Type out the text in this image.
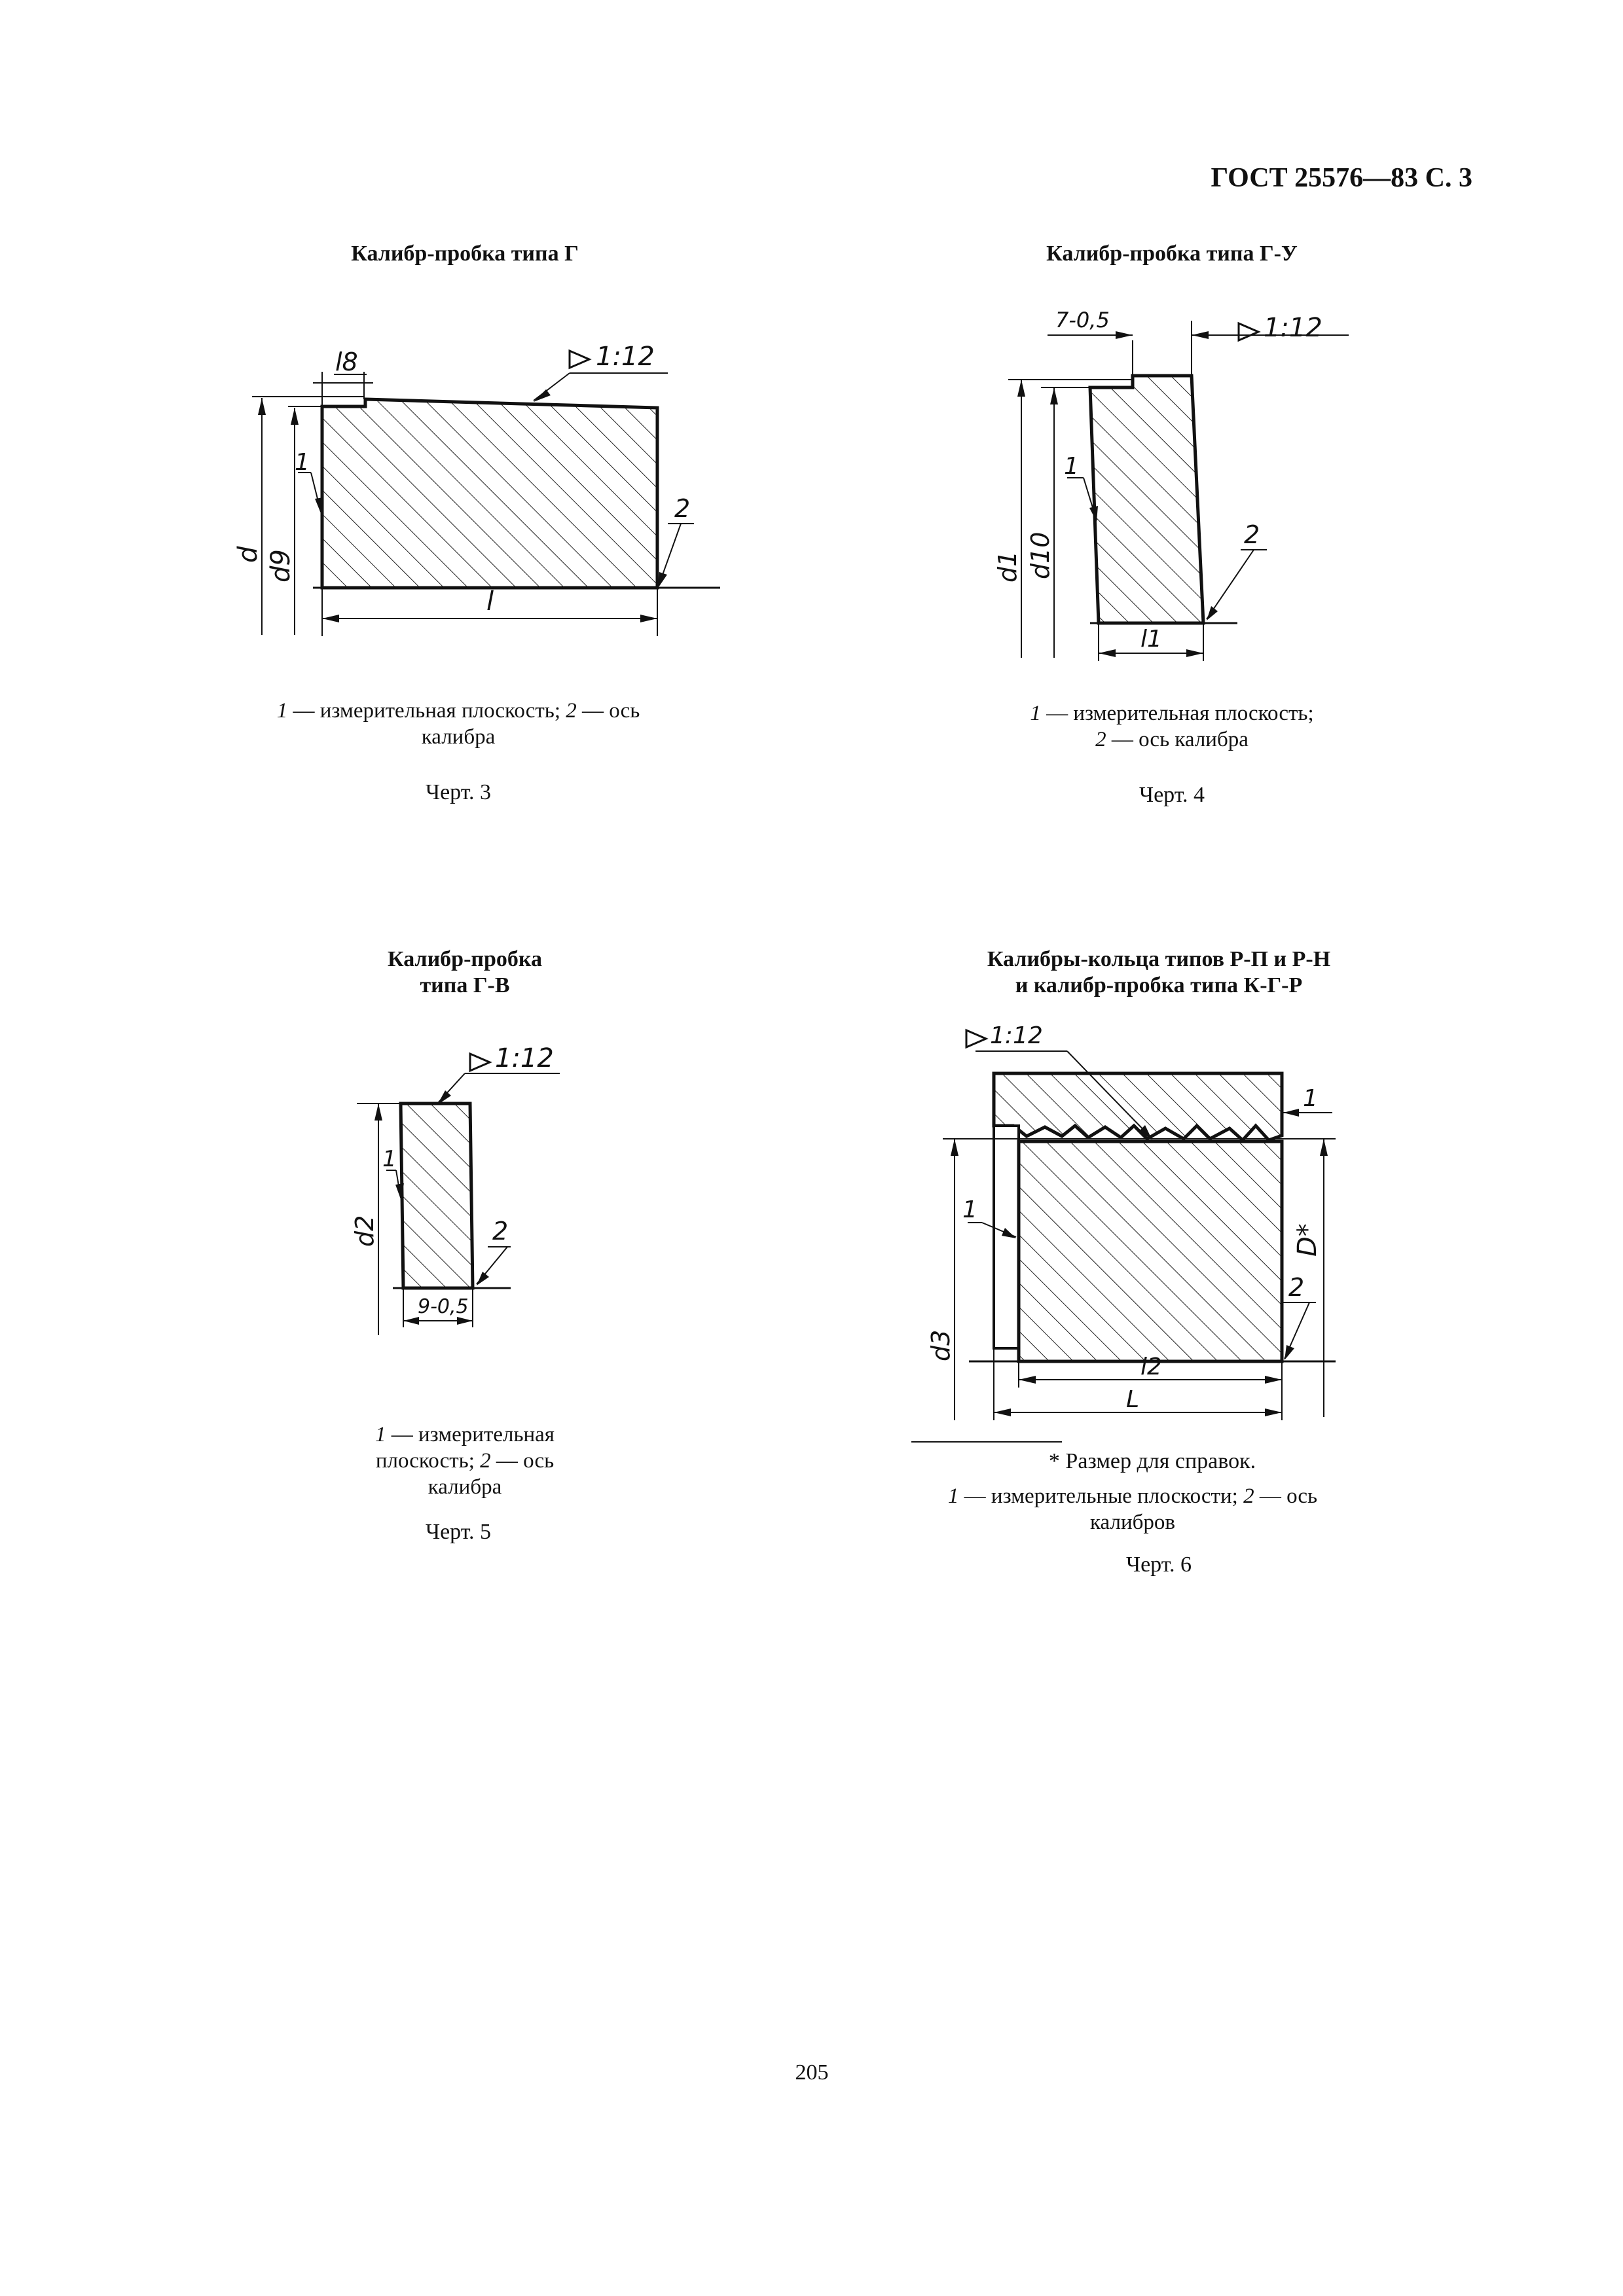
ГОСТ 25576—83 С. 3
Калибр-пробка типа Г
l8	1:12
1
2
l
d d9
1 — измерительная плоскость; 2 — ось
калибра
Черт. 3
Калибр-пробка типа Г-У
7-0,5	1:12
1
2
l1
d1 d10
1 — измерительная плоскость;
2 — ось калибра
Черт. 4
Калибр-пробка
типа Г-В
1:12
1
2
9-0,5
d2
1 — измерительная
плоскость; 2 — ось
калибра
Черт. 5
Калибры-кольца типов Р-П и Р-Н
и калибр-пробка типа К-Г-Р
1:12
1
1
2
l2
L
d3
D*
* Размер для справок.
1 — измерительные плоскости; 2 — ось
калибров
Черт. 6
205
